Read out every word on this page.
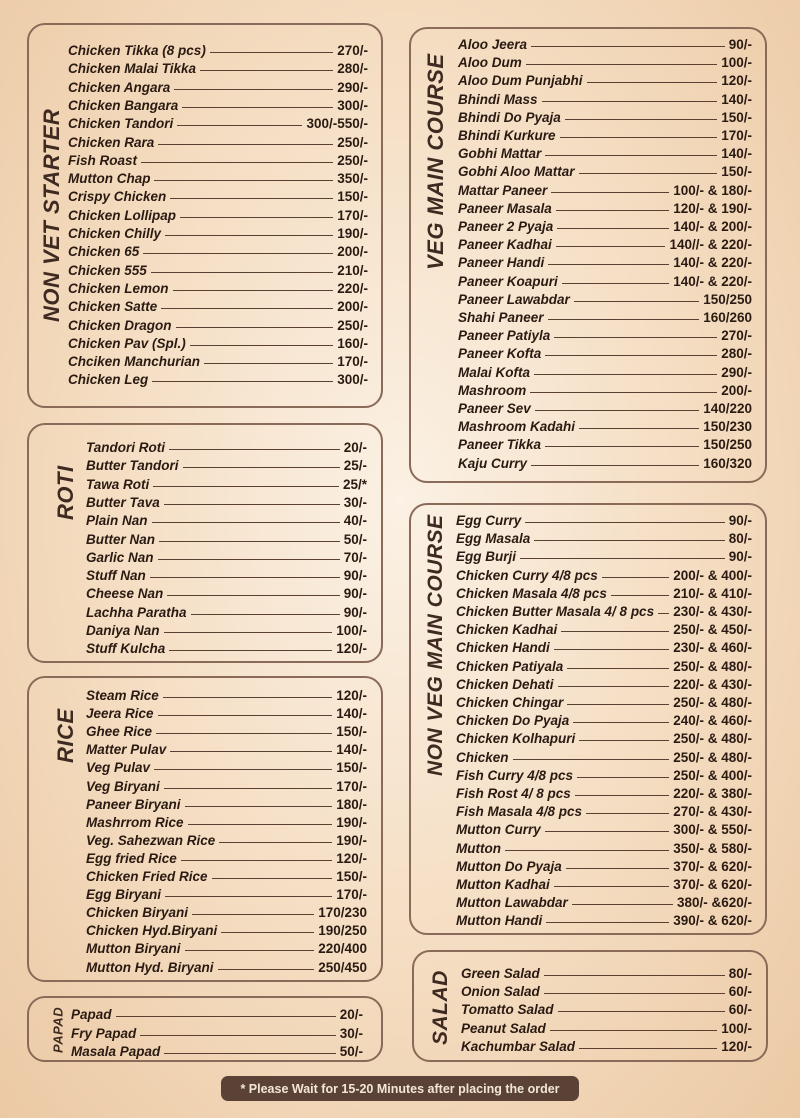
NON VET STARTER
Chicken Tikka (8 pcs)	270/-
Chicken Malai Tikka	280/-
Chicken Angara	290/-
Chicken Bangara	300/-
Chicken Tandori	300/-550/-
Chicken Rara	250/-
Fish Roast	250/-
Mutton Chap	350/-
Crispy Chicken	150/-
Chicken Lollipap	170/-
Chicken Chilly	190/-
Chicken 65	200/-
Chicken 555	210/-
Chicken Lemon	220/-
Chicken Satte	200/-
Chicken Dragon	250/-
Chicken Pav (Spl.)	160/-
Chciken Manchurian	170/-
Chicken Leg	300/-
ROTI
Tandori Roti	20/-
Butter Tandori	25/-
Tawa Roti	25/*
Butter Tava	30/-
Plain Nan	40/-
Butter Nan	50/-
Garlic Nan	70/-
Stuff Nan	90/-
Cheese Nan	90/-
Lachha Paratha	90/-
Daniya Nan	100/-
Stuff Kulcha	120/-
RICE
Steam Rice	120/-
Jeera Rice	140/-
Ghee Rice	150/-
Matter Pulav	140/-
Veg Pulav	150/-
Veg Biryani	170/-
Paneer Biryani	180/-
Mashrrom Rice	190/-
Veg. Sahezwan Rice	190/-
Egg fried Rice	120/-
Chicken Fried Rice	150/-
Egg Biryani	170/-
Chicken Biryani	170/230
Chicken Hyd.Biryani	190/250
Mutton Biryani	220/400
Mutton Hyd. Biryani	250/450
PAPAD Papad	20/-
Fry Papad	30/-
Masala Papad	50/-
VEG MAIN COURSE
Aloo Jeera	90/-
Aloo Dum	100/-
Aloo Dum Punjabhi	120/-
Bhindi Mass	140/-
Bhindi Do Pyaja	150/-
Bhindi Kurkure	170/-
Gobhi Mattar	140/-
Gobhi Aloo Mattar	150/-
Mattar Paneer	100/- & 180/-
Paneer Masala	120/- & 190/-
Paneer 2 Pyaja	140/- & 200/-
Paneer Kadhai	140//- & 220/-
Paneer Handi	140/- & 220/-
Paneer Koapuri	140/- & 220/-
Paneer Lawabdar	150/250
Shahi Paneer	160/260
Paneer Patiyla	270/-
Paneer Kofta	280/-
Malai Kofta	290/-
Mashroom	200/-
Paneer Sev	140/220
Mashroom Kadahi	150/230
Paneer Tikka	150/250
Kaju Curry	160/320
NON VEG MAIN COURSE Egg Curry	90/-
Egg Masala	80/-
Egg Burji	90/-
Chicken Curry 4/8 pcs	200/- & 400/-
Chicken Masala 4/8 pcs	210/- & 410/-
Chicken Butter Masala 4/ 8 pcs 230/- & 430/-
Chicken Kadhai	250/- & 450/-
Chicken Handi	230/- & 460/-
Chicken Patiyala	250/- & 480/-
Chicken Dehati	220/- & 430/-
Chicken Chingar	250/- & 480/-
Chicken Do Pyaja	240/- & 460/-
Chicken Kolhapuri	250/- & 480/-
Chicken	250/- & 480/-
Fish Curry 4/8 pcs	250/- & 400/-
Fish Rost 4/ 8 pcs	220/- & 380/-
Fish Masala 4/8 pcs	270/- & 430/-
Mutton Curry	300/- & 550/-
Mutton	350/- & 580/-
Mutton Do Pyaja	370/- & 620/-
Mutton Kadhai	370/- & 620/-
Mutton Lawabdar	380/- &620/-
Mutton Handi	390/- & 620/-
SALAD Green Salad	80/-
Onion Salad	60/-
Tomatto Salad	60/-
Peanut Salad	100/-
Kachumbar Salad	120/-
* Please Wait for 15-20 Minutes after placing the order
